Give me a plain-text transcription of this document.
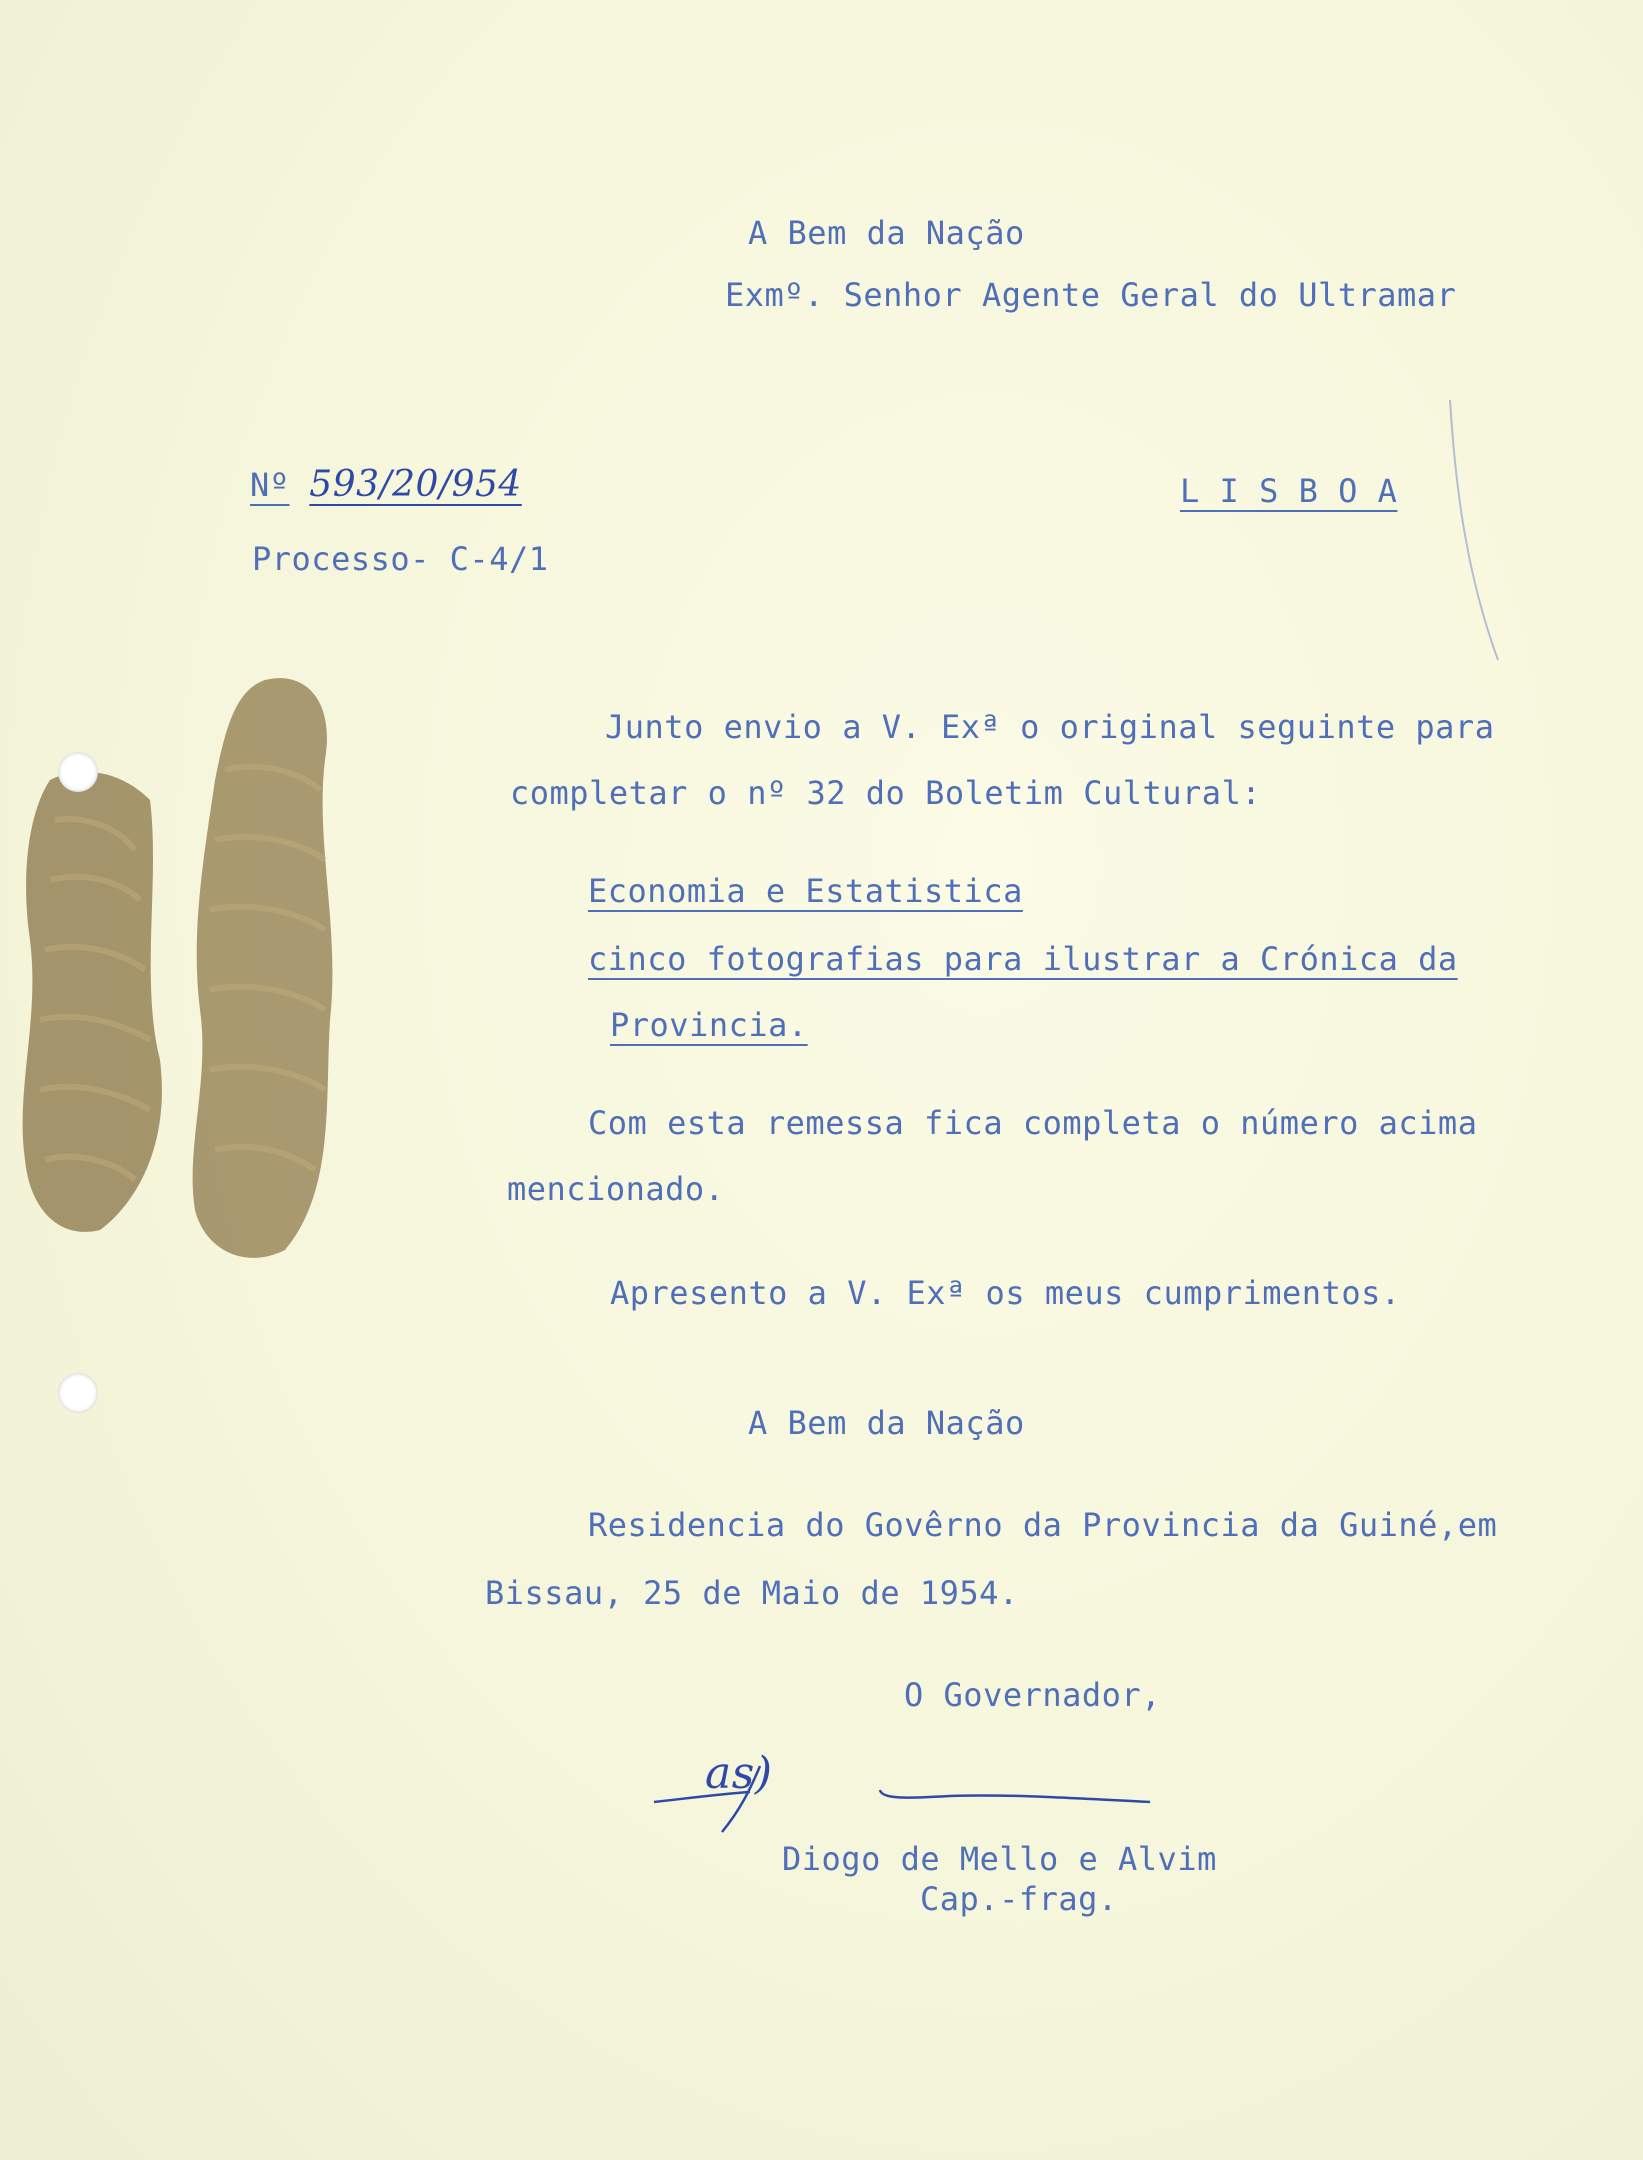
A Bem da Nação

Exmº. Senhor Agente Geral do Ultramar

Nº 593/20/954	L I S B O A

Processo- C-4/1

Junto envio a V. Exª o original seguinte para

completar o nº 32 do Boletim Cultural:

Economia e Estatistica

cinco fotografias para ilustrar a Crónica da

Provincia.

Com esta remessa fica completa o número acima

mencionado.

Apresento a V. Exª os meus cumprimentos.

A Bem da Nação

Residencia do Govêrno da Provincia da Guiné,em

Bissau, 25 de Maio de 1954.

O Governador,

as)

Diogo de Mello e Alvim

Cap.-frag.
